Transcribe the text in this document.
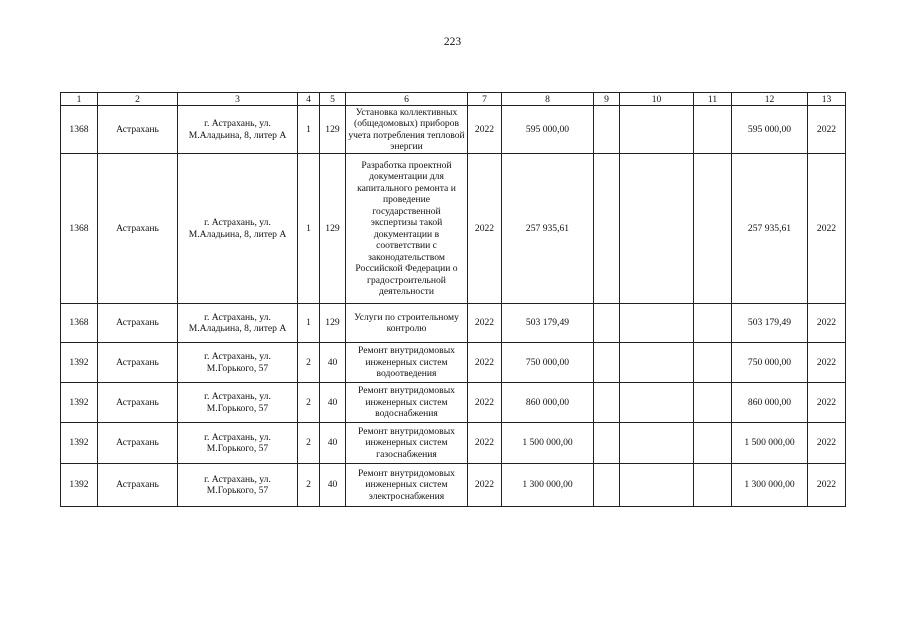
223
1	2	3	4	5	6	7	8	9	10	11	12	13
1368	Астрахань	г. Астрахань, ул. М.Аладьина, 8, литер А	1	129	Установка коллективных (общедомовых) приборов учета потребления тепловой энергии	2022	595 000,00				595 000,00	2022
1368	Астрахань	г. Астрахань, ул. М.Аладьина, 8, литер А	1	129	Разработка проектной документации для капитального ремонта и проведение государственной экспертизы такой документации в соответствии с законодательством Российской Федерации о градостроительной деятельности	2022	257 935,61				257 935,61	2022
1368	Астрахань	г. Астрахань, ул. М.Аладьина, 8, литер А	1	129	Услуги по строительному контролю	2022	503 179,49				503 179,49	2022
1392	Астрахань	г. Астрахань, ул. М.Горького, 57	2	40	Ремонт внутридомовых инженерных систем водоотведения	2022	750 000,00				750 000,00	2022
1392	Астрахань	г. Астрахань, ул. М.Горького, 57	2	40	Ремонт внутридомовых инженерных систем водоснабжения	2022	860 000,00				860 000,00	2022
1392	Астрахань	г. Астрахань, ул. М.Горького, 57	2	40	Ремонт внутридомовых инженерных систем газоснабжения	2022	1 500 000,00				1 500 000,00	2022
1392	Астрахань	г. Астрахань, ул. М.Горького, 57	2	40	Ремонт внутридомовых инженерных систем электроснабжения	2022	1 300 000,00				1 300 000,00	2022
